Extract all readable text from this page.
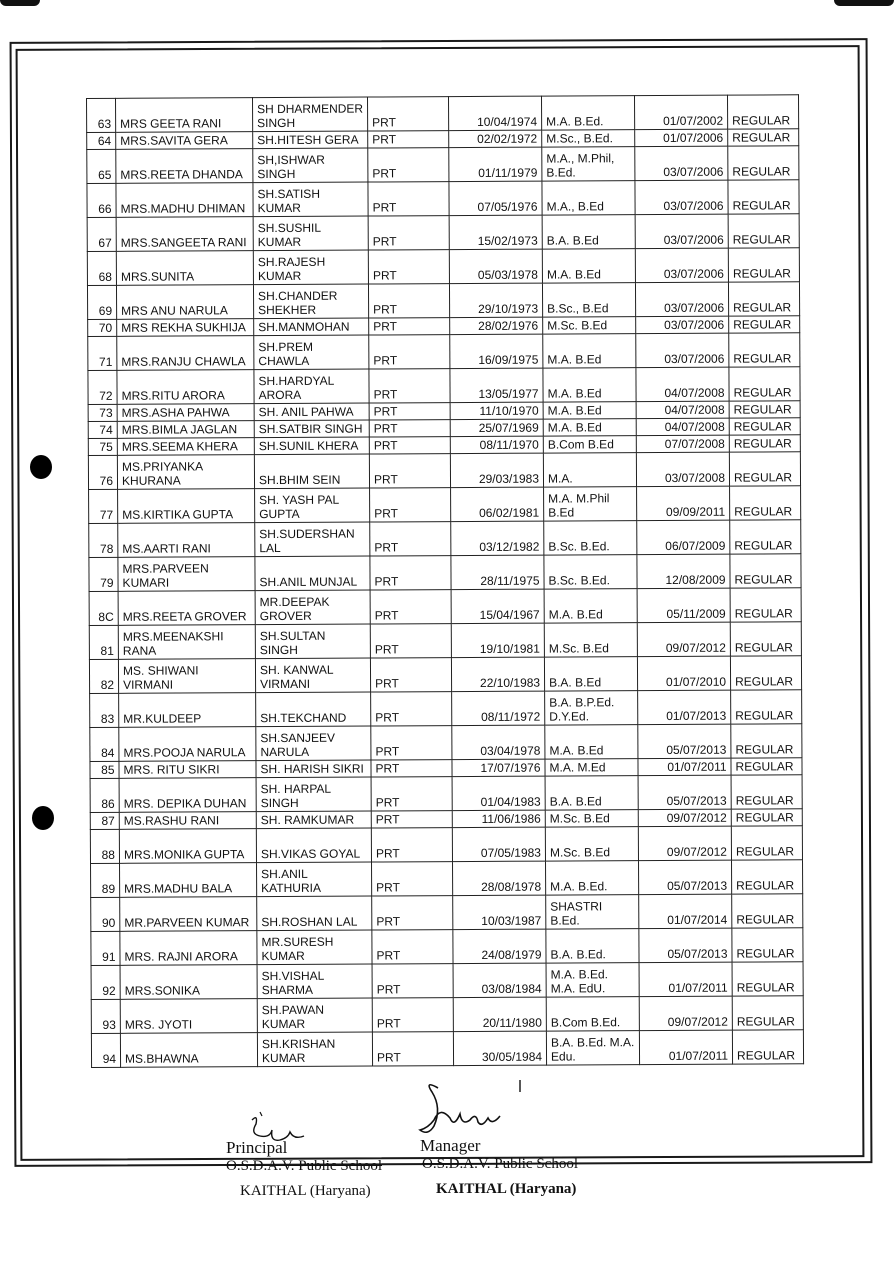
63	MRS GEETA RANI	SH DHARMENDER SINGH	PRT	10/04/1974	M.A. B.Ed.	01/07/2002	REGULAR
64	MRS.SAVITA GERA	SH.HITESH GERA	PRT	02/02/1972	M.Sc., B.Ed.	01/07/2006	REGULAR
65	MRS.REETA DHANDA	SH,ISHWAR SINGH	PRT	01/11/1979	M.A., M.Phil, B.Ed.	03/07/2006	REGULAR
66	MRS.MADHU DHIMAN	SH.SATISH KUMAR	PRT	07/05/1976	M.A., B.Ed	03/07/2006	REGULAR
67	MRS.SANGEETA RANI	SH.SUSHIL KUMAR	PRT	15/02/1973	B.A. B.Ed	03/07/2006	REGULAR
68	MRS.SUNITA	SH.RAJESH KUMAR	PRT	05/03/1978	M.A. B.Ed	03/07/2006	REGULAR
69	MRS ANU NARULA	SH.CHANDER SHEKHER	PRT	29/10/1973	B.Sc., B.Ed	03/07/2006	REGULAR
70	MRS REKHA SUKHIJA	SH.MANMOHAN	PRT	28/02/1976	M.Sc. B.Ed	03/07/2006	REGULAR
71	MRS.RANJU CHAWLA	SH.PREM CHAWLA	PRT	16/09/1975	M.A. B.Ed	03/07/2006	REGULAR
72	MRS.RITU ARORA	SH.HARDYAL ARORA	PRT	13/05/1977	M.A. B.Ed	04/07/2008	REGULAR
73	MRS.ASHA PAHWA	SH. ANIL PAHWA	PRT	11/10/1970	M.A. B.Ed	04/07/2008	REGULAR
74	MRS.BIMLA JAGLAN	SH.SATBIR SINGH	PRT	25/07/1969	M.A. B.Ed	04/07/2008	REGULAR
75	MRS.SEEMA KHERA	SH.SUNIL KHERA	PRT	08/11/1970	B.Com B.Ed	07/07/2008	REGULAR
76	MS.PRIYANKA KHURANA	SH.BHIM SEIN	PRT	29/03/1983	M.A.	03/07/2008	REGULAR
77	MS.KIRTIKA GUPTA	SH. YASH PAL GUPTA	PRT	06/02/1981	M.A. M.Phil B.Ed	09/09/2011	REGULAR
78	MS.AARTI RANI	SH.SUDERSHAN LAL	PRT	03/12/1982	B.Sc. B.Ed.	06/07/2009	REGULAR
79	MRS.PARVEEN KUMARI	SH.ANIL MUNJAL	PRT	28/11/1975	B.Sc. B.Ed.	12/08/2009	REGULAR
8C	MRS.REETA GROVER	MR.DEEPAK GROVER	PRT	15/04/1967	M.A. B.Ed	05/11/2009	REGULAR
81	MRS.MEENAKSHI RANA	SH.SULTAN SINGH	PRT	19/10/1981	M.Sc. B.Ed	09/07/2012	REGULAR
82	MS. SHIWANI VIRMANI	SH. KANWAL VIRMANI	PRT	22/10/1983	B.A. B.Ed	01/07/2010	REGULAR
83	MR.KULDEEP	SH.TEKCHAND	PRT	08/11/1972	B.A. B.P.Ed. D.Y.Ed.	01/07/2013	REGULAR
84	MRS.POOJA NARULA	SH.SANJEEV NARULA	PRT	03/04/1978	M.A. B.Ed	05/07/2013	REGULAR
85	MRS. RITU SIKRI	SH. HARISH SIKRI	PRT	17/07/1976	M.A. M.Ed	01/07/2011	REGULAR
86	MRS. DEPIKA DUHAN	SH. HARPAL SINGH	PRT	01/04/1983	B.A. B.Ed	05/07/2013	REGULAR
87	MS.RASHU RANI	SH. RAMKUMAR	PRT	11/06/1986	M.Sc. B.Ed	09/07/2012	REGULAR
88	MRS.MONIKA GUPTA	SH.VIKAS GOYAL	PRT	07/05/1983	M.Sc. B.Ed	09/07/2012	REGULAR
89	MRS.MADHU BALA	SH.ANIL KATHURIA	PRT	28/08/1978	M.A. B.Ed.	05/07/2013	REGULAR
90	MR.PARVEEN KUMAR	SH.ROSHAN LAL	PRT	10/03/1987	SHASTRI B.Ed.	01/07/2014	REGULAR
91	MRS. RAJNI ARORA	MR.SURESH KUMAR	PRT	24/08/1979	B.A. B.Ed.	05/07/2013	REGULAR
92	MRS.SONIKA	SH.VISHAL SHARMA	PRT	03/08/1984	M.A. B.Ed. M.A. EdU.	01/07/2011	REGULAR
93	MRS. JYOTI	SH.PAWAN KUMAR	PRT	20/11/1980	B.Com B.Ed.	09/07/2012	REGULAR
94	MS.BHAWNA	SH.KRISHAN KUMAR	PRT	30/05/1984	B.A. B.Ed. M.A. Edu.	01/07/2011	REGULAR
Principal
O.S.D.A.V. Public School
KAITHAL (Haryana)
Manager
O.S.D.A.V. Public School
KAITHAL (Haryana)
